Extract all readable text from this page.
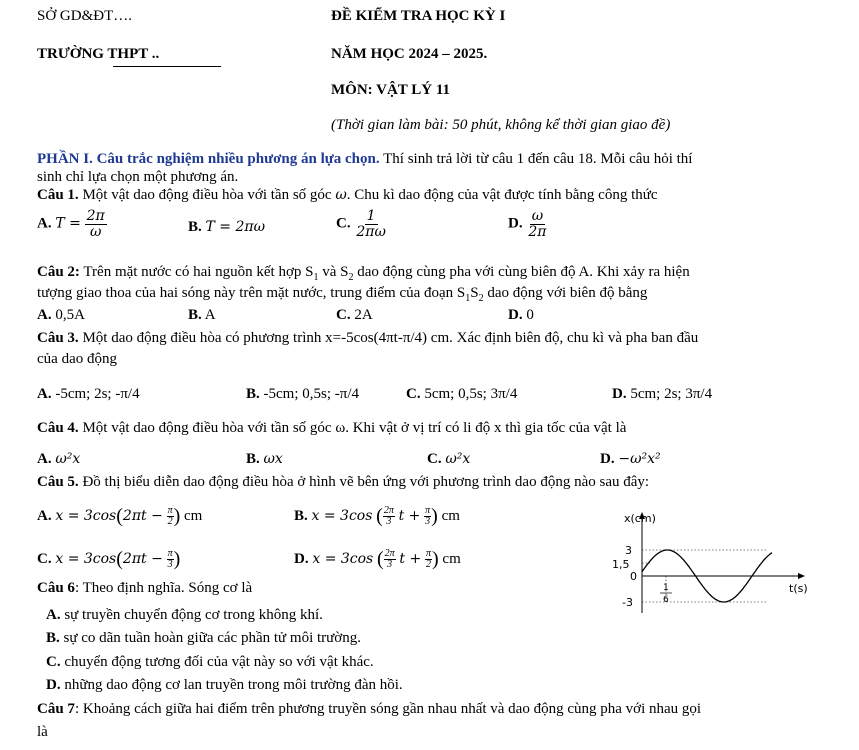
SỞ GD&ĐT….
TRƯỜNG THPT ..
ĐỀ KIỂM TRA HỌC KỲ I
NĂM HỌC 2024 – 2025.
MÔN: VẬT LÝ 11
(Thời gian làm bài: 50 phút, không kể thời gian giao đề)
PHẦN I. Câu trắc nghiệm nhiều phương án lựa chọn. Thí sinh trả lời từ câu 1 đến câu 18. Mỗi câu hỏi thí
sinh chỉ lựa chọn một phương án.
Câu 1. Một vật dao động điều hòa với tần số góc ω. Chu kì dao động của vật được tính bằng công thức
A. $T = \frac{2\pi}{\omega}$	B. T = 2πω	C. $\frac{1}{2\pi\omega}$	D. $\frac{\omega}{2\pi}$
Câu 2: Trên mặt nước có hai nguồn kết hợp $S_1$ và $S_2$ dao động cùng pha với cùng biên độ A. Khi xảy ra hiện
tượng giao thoa của hai sóng này trên mặt nước, trung điểm của đoạn $S_1S_2$ dao động với biên độ bằng
A. 0,5A	B. A	C. 2A	D. 0
Câu 3. Một dao động điều hòa có phương trình x=-5cos(4πt-π/4) cm. Xác định biên độ, chu kì và pha ban đầu
của dao động
A. -5cm; 2s; -π/4	B. -5cm; 0,5s; -π/4	C. 5cm; 0,5s; 3π/4	D. 5cm; 2s; 3π/4
Câu 4. Một vật dao động điều hòa với tần số góc ω. Khi vật ở vị trí có li độ x thì gia tốc của vật là
A. ω²x	B. ωx	C. ω²x	D. −ω²x²
Câu 5. Đồ thị biểu diễn dao động điều hòa ở hình vẽ bên ứng với phương trình dao động nào sau đây:
A. $x = 3\cos(2\pi t - \frac{\pi}{2}$ ) cm	B. x = 3cos ( $\frac{2\pi}{3}$ $t + \frac{\pi}{3}$ ) cm
C. $x = 3\cos(2\pi t - \frac{\pi}{3}$ )	D. x = 3cos ( $\frac{2\pi}{3}$ $t + \frac{\pi}{2}$ ) cm
x(cm)
3
1,5
0
-3
t(s)
1
6
Câu 6: Theo định nghĩa. Sóng cơ là
A. sự truyền chuyển động cơ trong không khí.
B. sự co dãn tuần hoàn giữa các phần tử môi trường.
C. chuyển động tương đối của vật này so với vật khác.
D. những dao động cơ lan truyền trong môi trường đàn hồi.
Câu 7: Khoảng cách giữa hai điểm trên phương truyền sóng gần nhau nhất và dao động cùng pha với nhau gọi
là
